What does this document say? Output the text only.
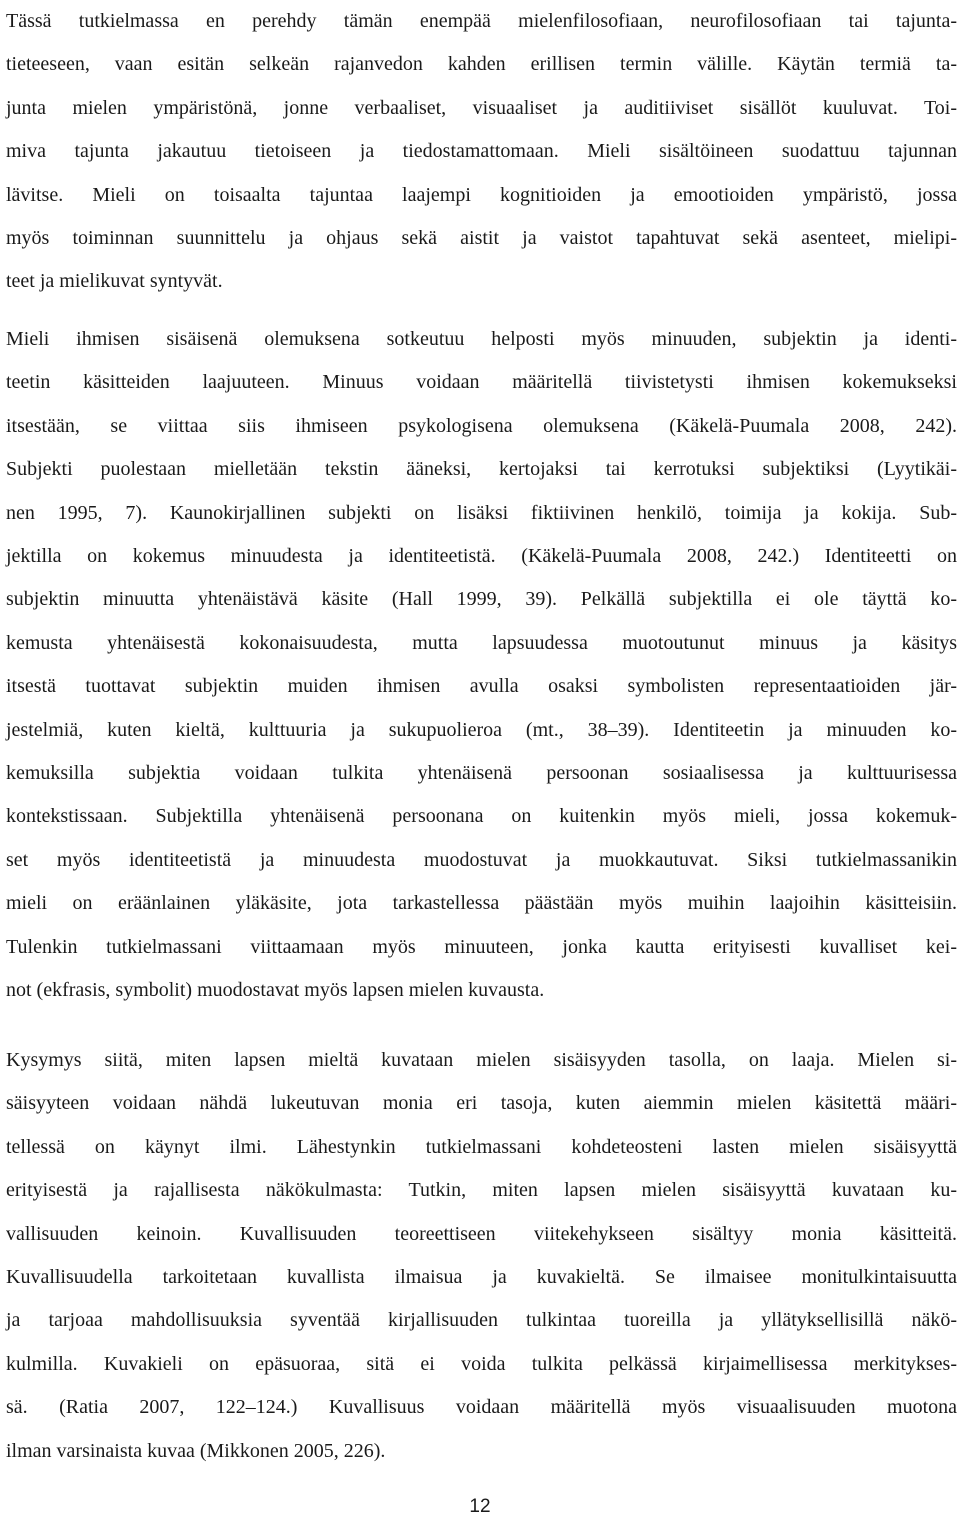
Tässä tutkielmassa en perehdy tämän enempää mielenfilosofiaan, neurofilosofiaan tai tajunta-
tieteeseen, vaan esitän selkeän rajanvedon kahden erillisen termin välille. Käytän termiä ta-
junta mielen ympäristönä, jonne verbaaliset, visuaaliset ja auditiiviset sisällöt kuuluvat. Toi-
miva tajunta jakautuu tietoiseen ja tiedostamattomaan. Mieli sisältöineen suodattuu tajunnan
lävitse. Mieli on toisaalta tajuntaa laajempi kognitioiden ja emootioiden ympäristö, jossa
myös toiminnan suunnittelu ja ohjaus sekä aistit ja vaistot tapahtuvat sekä asenteet, mielipi-
teet ja mielikuvat syntyvät.
Mieli ihmisen sisäisenä olemuksena sotkeutuu helposti myös minuuden, subjektin ja identi-
teetin käsitteiden laajuuteen. Minuus voidaan määritellä tiivistetysti ihmisen kokemukseksi
itsestään, se viittaa siis ihmiseen psykologisena olemuksena (Käkelä-Puumala 2008, 242).
Subjekti puolestaan mielletään tekstin ääneksi, kertojaksi tai kerrotuksi subjektiksi (Lyytikäi-
nen 1995, 7). Kaunokirjallinen subjekti on lisäksi fiktiivinen henkilö, toimija ja kokija. Sub-
jektilla on kokemus minuudesta ja identiteetistä. (Käkelä-Puumala 2008, 242.) Identiteetti on
subjektin minuutta yhtenäistävä käsite (Hall 1999, 39). Pelkällä subjektilla ei ole täyttä ko-
kemusta yhtenäisestä kokonaisuudesta, mutta lapsuudessa muotoutunut minuus ja käsitys
itsestä tuottavat subjektin muiden ihmisen avulla osaksi symbolisten representaatioiden jär-
jestelmiä, kuten kieltä, kulttuuria ja sukupuolieroa (mt., 38–39). Identiteetin ja minuuden ko-
kemuksilla subjektia voidaan tulkita yhtenäisenä persoonan sosiaalisessa ja kulttuurisessa
kontekstissaan. Subjektilla yhtenäisenä persoonana on kuitenkin myös mieli, jossa kokemuk-
set myös identiteetistä ja minuudesta muodostuvat ja muokkautuvat. Siksi tutkielmassanikin
mieli on eräänlainen yläkäsite, jota tarkastellessa päästään myös muihin laajoihin käsitteisiin.
Tulenkin tutkielmassani viittaamaan myös minuuteen, jonka kautta erityisesti kuvalliset kei-
not (ekfrasis, symbolit) muodostavat myös lapsen mielen kuvausta.
Kysymys siitä, miten lapsen mieltä kuvataan mielen sisäisyyden tasolla, on laaja. Mielen si-
säisyyteen voidaan nähdä lukeutuvan monia eri tasoja, kuten aiemmin mielen käsitettä määri-
tellessä on käynyt ilmi. Lähestynkin tutkielmassani kohdeteosteni lasten mielen sisäisyyttä
erityisestä ja rajallisesta näkökulmasta: Tutkin, miten lapsen mielen sisäisyyttä kuvataan ku-
vallisuuden keinoin. Kuvallisuuden teoreettiseen viitekehykseen sisältyy monia käsitteitä.
Kuvallisuudella tarkoitetaan kuvallista ilmaisua ja kuvakieltä. Se ilmaisee monitulkintaisuutta
ja tarjoaa mahdollisuuksia syventää kirjallisuuden tulkintaa tuoreilla ja yllätyksellisillä näkö-
kulmilla. Kuvakieli on epäsuoraa, sitä ei voida tulkita pelkässä kirjaimellisessa merkitykses-
sä. (Ratia 2007, 122–124.) Kuvallisuus voidaan määritellä myös visuaalisuuden muotona
ilman varsinaista kuvaa (Mikkonen 2005, 226).
12
